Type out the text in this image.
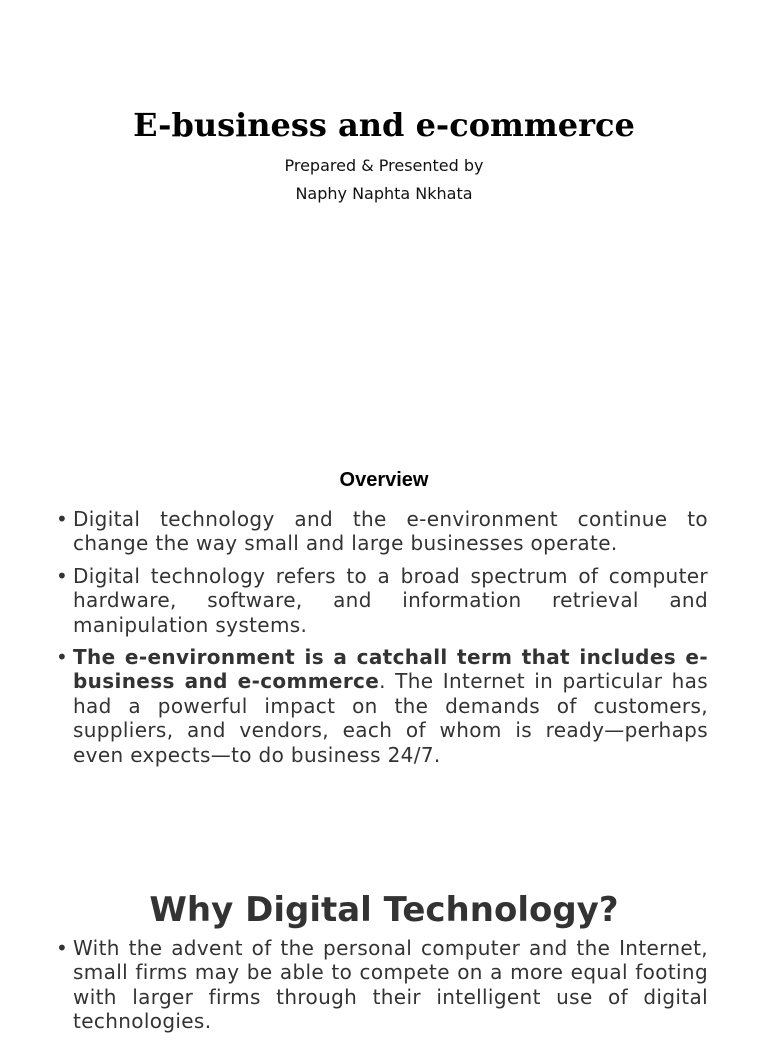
E-business and e-commerce
Prepared & Presented by
Naphy Naphta Nkhata
Overview
• Digital technology and the e-environment continue to change the way small and large businesses operate.
• Digital technology refers to a broad spectrum of computer hardware, software, and information retrieval and manipulation systems.
• The e-environment is a catchall term that includes e-business and e-commerce. The Internet in particular has had a powerful impact on the demands of customers, suppliers, and vendors, each of whom is ready—perhaps even expects—to do business 24/7.
Why Digital Technology?
• With the advent of the personal computer and the Internet, small firms may be able to compete on a more equal footing with larger firms through their intelligent use of digital technologies.
